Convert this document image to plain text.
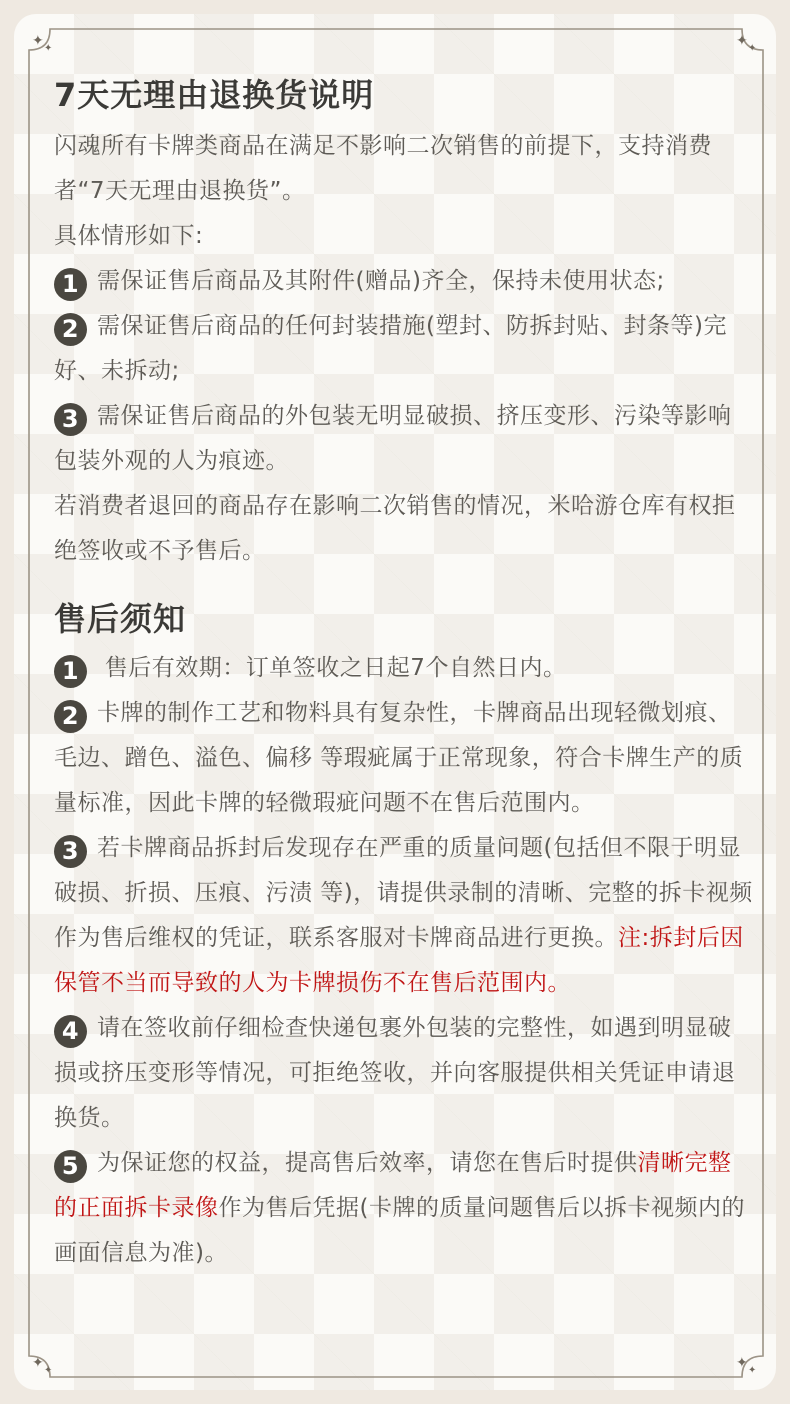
✦ ✦	✦ ✦
✦ ✦	✦ ✦
7天无理由退换货说明

闪魂所有卡牌类商品在满足不影响二次销售的前提下，支持消费者“7天无理由退换货”。

具体情形如下:

1 需保证售后商品及其附件(赠品)齐全，保持未使用状态;

2 需保证售后商品的任何封装措施(塑封、防拆封贴、封条等)完好、未拆动;

3 需保证售后商品的外包装无明显破损、挤压变形、污染等影响包装外观的人为痕迹。

若消费者退回的商品存在影响二次销售的情况，米哈游仓库有权拒绝签收或不予售后。

售后须知

1 售后有效期：订单签收之日起7个自然日内。

2 卡牌的制作工艺和物料具有复杂性，卡牌商品出现轻微划痕、毛边、蹭色、溢色、偏移 等瑕疵属于正常现象，符合卡牌生产的质量标准，因此卡牌的轻微瑕疵问题不在售后范围内。

3 若卡牌商品拆封后发现存在严重的质量问题(包括但不限于明显破损、折损、压痕、污渍 等)，请提供录制的清晰、完整的拆卡视频作为售后维权的凭证，联系客服对卡牌商品进行更换。注:拆封后因保管不当而导致的人为卡牌损伤不在售后范围内。

4 请在签收前仔细检查快递包裹外包装的完整性，如遇到明显破损或挤压变形等情况，可拒绝签收，并向客服提供相关凭证申请退换货。

5 为保证您的权益，提高售后效率，请您在售后时提供清晰完整的正面拆卡录像作为售后凭据(卡牌的质量问题售后以拆卡视频内的画面信息为准)。
